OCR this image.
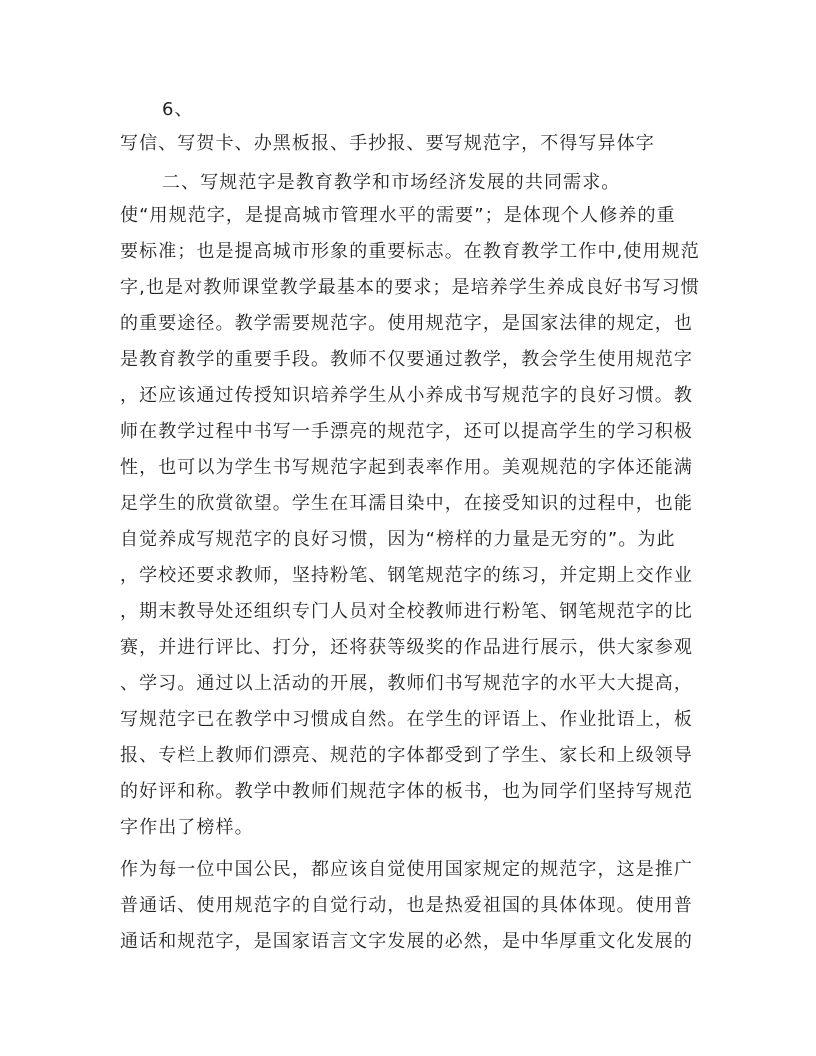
6、
写信、写贺卡、办黑板报、手抄报、要写规范字，不得写异体字
二、写规范字是教育教学和市场经济发展的共同需求。
使“用规范字，是提高城市管理水平的需要”；是体现个人修养的重
要标准；也是提高城市形象的重要标志。在教育教学工作中,使用规范
字,也是对教师课堂教学最基本的要求；是培养学生养成良好书写习惯
的重要途径。教学需要规范字。使用规范字，是国家法律的规定，也
是教育教学的重要手段。教师不仅要通过教学，教会学生使用规范字
，还应该通过传授知识培养学生从小养成书写规范字的良好习惯。教
师在教学过程中书写一手漂亮的规范字，还可以提高学生的学习积极
性，也可以为学生书写规范字起到表率作用。美观规范的字体还能满
足学生的欣赏欲望。学生在耳濡目染中，在接受知识的过程中，也能
自觉养成写规范字的良好习惯，因为“榜样的力量是无穷的”。为此
，学校还要求教师，坚持粉笔、钢笔规范字的练习，并定期上交作业
，期末教导处还组织专门人员对全校教师进行粉笔、钢笔规范字的比
赛，并进行评比、打分，还将获等级奖的作品进行展示，供大家参观
、学习。通过以上活动的开展，教师们书写规范字的水平大大提高，
写规范字已在教学中习惯成自然。在学生的评语上、作业批语上，板
报、专栏上教师们漂亮、规范的字体都受到了学生、家长和上级领导
的好评和称。教学中教师们规范字体的板书，也为同学们坚持写规范
字作出了榜样。
作为每一位中国公民，都应该自觉使用国家规定的规范字，这是推广
普通话、使用规范字的自觉行动，也是热爱祖国的具体体现。使用普
通话和规范字，是国家语言文字发展的必然，是中华厚重文化发展的
